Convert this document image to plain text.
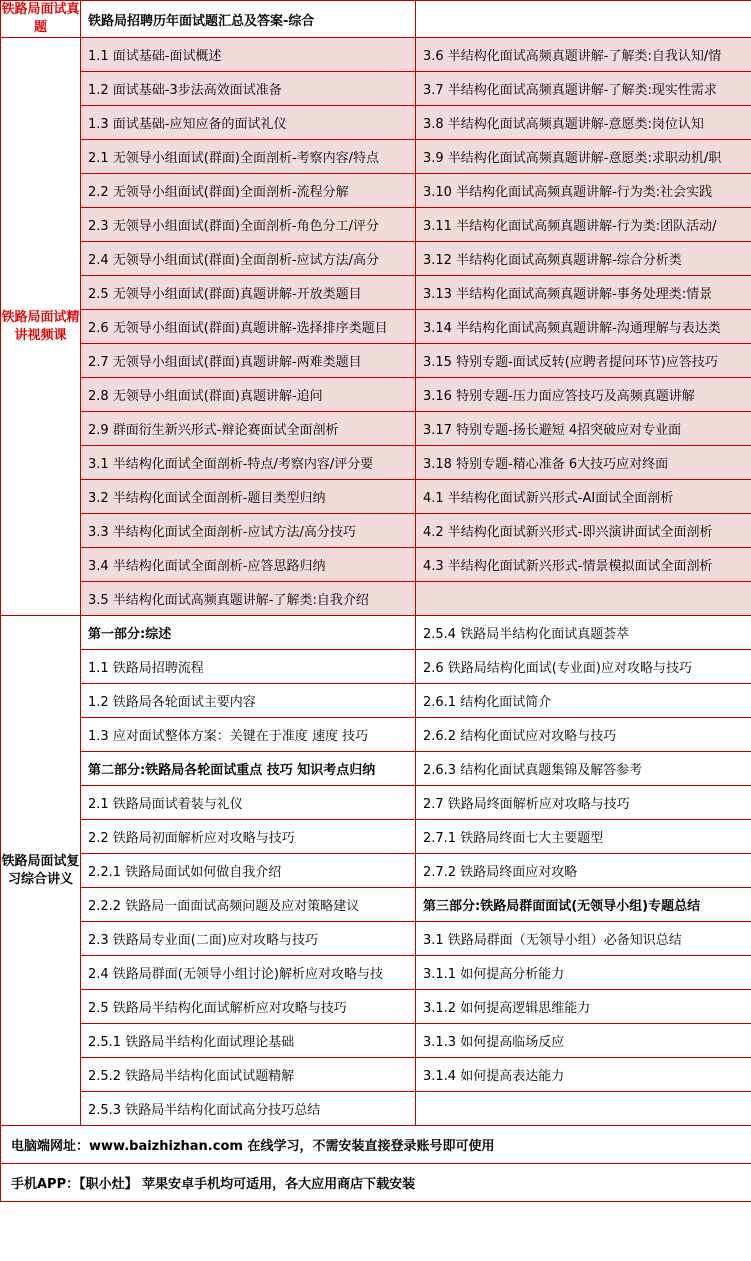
铁路局面试真题	铁路局招聘历年面试题汇总及答案-综合	
铁路局面试精讲视频课	1.1 面试基础-面试概述	3.6 半结构化面试高频真题讲解-了解类:自我认知/情
	1.2 面试基础-3步法高效面试准备	3.7 半结构化面试高频真题讲解-了解类:现实性需求
	1.3 面试基础-应知应备的面试礼仪	3.8 半结构化面试高频真题讲解-意愿类:岗位认知
	2.1 无领导小组面试(群面)全面剖析-考察内容/特点	3.9 半结构化面试高频真题讲解-意愿类:求职动机/职
	2.2 无领导小组面试(群面)全面剖析-流程分解	3.10 半结构化面试高频真题讲解-行为类:社会实践
	2.3 无领导小组面试(群面)全面剖析-角色分工/评分	3.11 半结构化面试高频真题讲解-行为类:团队活动/
	2.4 无领导小组面试(群面)全面剖析-应试方法/高分	3.12 半结构化面试高频真题讲解-综合分析类
	2.5 无领导小组面试(群面)真题讲解-开放类题目	3.13 半结构化面试高频真题讲解-事务处理类:情景
	2.6 无领导小组面试(群面)真题讲解-选择排序类题目	3.14 半结构化面试高频真题讲解-沟通理解与表达类
	2.7 无领导小组面试(群面)真题讲解-两难类题目	3.15 特别专题-面试反转(应聘者提问环节)应答技巧
	2.8 无领导小组面试(群面)真题讲解-追问	3.16 特别专题-压力面应答技巧及高频真题讲解
	2.9 群面衍生新兴形式-辩论赛面试全面剖析	3.17 特别专题-扬长避短 4招突破应对专业面
	3.1 半结构化面试全面剖析-特点/考察内容/评分要	3.18 特别专题-精心准备 6大技巧应对终面
	3.2 半结构化面试全面剖析-题目类型归纳	4.1 半结构化面试新兴形式-AI面试全面剖析
	3.3 半结构化面试全面剖析-应试方法/高分技巧	4.2 半结构化面试新兴形式-即兴演讲面试全面剖析
	3.4 半结构化面试全面剖析-应答思路归纳	4.3 半结构化面试新兴形式-情景模拟面试全面剖析
	3.5 半结构化面试高频真题讲解-了解类:自我介绍	
铁路局面试复习综合讲义	第一部分:综述	2.5.4 铁路局半结构化面试真题荟萃
	1.1 铁路局招聘流程	2.6 铁路局结构化面试(专业面)应对攻略与技巧
	1.2 铁路局各轮面试主要内容	2.6.1 结构化面试简介
	1.3 应对面试整体方案：关键在于准度 速度 技巧	2.6.2 结构化面试应对攻略与技巧
	第二部分:铁路局各轮面试重点 技巧 知识考点归纳	2.6.3 结构化面试真题集锦及解答参考
	2.1 铁路局面试着装与礼仪	2.7 铁路局终面解析应对攻略与技巧
	2.2 铁路局初面解析应对攻略与技巧	2.7.1 铁路局终面七大主要题型
	2.2.1 铁路局面试如何做自我介绍	2.7.2 铁路局终面应对攻略
	2.2.2 铁路局一面面试高频问题及应对策略建议	第三部分:铁路局群面面试(无领导小组)专题总结
	2.3 铁路局专业面(二面)应对攻略与技巧	3.1 铁路局群面（无领导小组）必备知识总结
	2.4 铁路局群面(无领导小组讨论)解析应对攻略与技	3.1.1 如何提高分析能力
	2.5 铁路局半结构化面试解析应对攻略与技巧	3.1.2 如何提高逻辑思维能力
	2.5.1 铁路局半结构化面试理论基础	3.1.3 如何提高临场反应
	2.5.2 铁路局半结构化面试试题精解	3.1.4 如何提高表达能力
	2.5.3 铁路局半结构化面试高分技巧总结	
电脑端网址：www.baizhizhan.com 在线学习，不需安装直接登录账号即可使用		
手机APP：【职小灶】 苹果安卓手机均可适用，各大应用商店下载安装		
